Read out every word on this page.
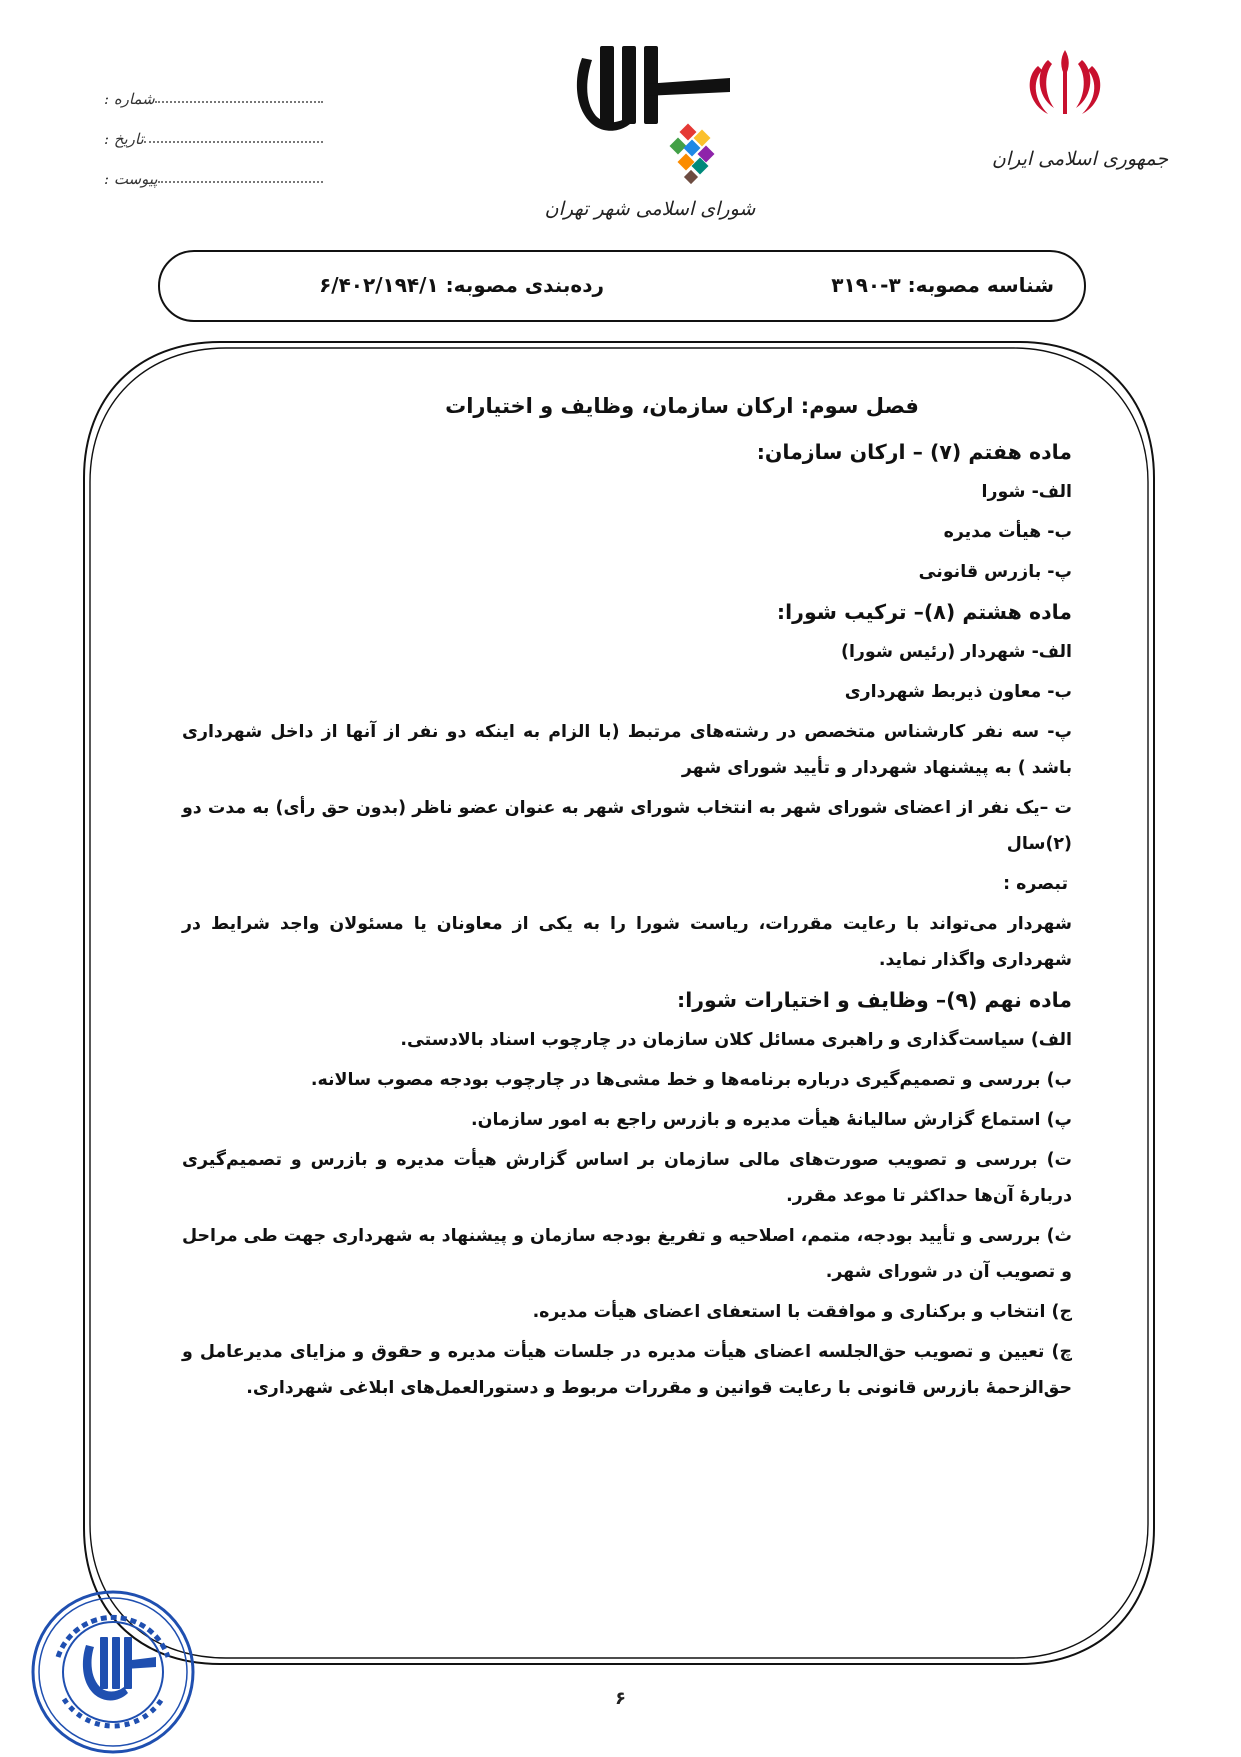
جمهوری اسلامی ایران
شورای اسلامی شهر تهران
شماره :
تاریخ :
پیوست :
شناسه مصوبه: ۳-۳۱۹۰
رده‌بندی مصوبه: ۶/۴۰۲/۱۹۴/۱

فصل سوم: ارکان سازمان، وظایف و اختیارات

ماده هفتم (۷) – ارکان سازمان:

الف- شورا

ب- هیأت مدیره

پ- بازرس قانونی

ماده هشتم (۸)– ترکیب شورا:

الف- شهردار (رئیس شورا)

ب- معاون ذیربط شهرداری

پ- سه نفر کارشناس متخصص در رشته‌های مرتبط (با الزام به اینکه دو نفر از آنها از داخل شهرداری باشد ) به پیشنهاد شهردار و تأیید شورای شهر

ت –یک نفر از اعضای شورای شهر به انتخاب شورای شهر به عنوان عضو ناظر (بدون حق رأی) به مدت دو (۲)سال

تبصره :

شهردار می‌تواند با رعایت مقررات، ریاست شورا را به یکی از معاونان یا مسئولان واجد شرایط در شهرداری واگذار نماید.

ماده نهم (۹)– وظایف و اختیارات شورا:

الف) سیاست‌گذاری و راهبری مسائل کلان سازمان در چارچوب اسناد بالادستی.

ب) بررسی و تصمیم‌گیری درباره برنامه‌ها و خط مشی‌ها در چارچوب بودجه مصوب سالانه.

پ) استماع گزارش سالیانهٔ هیأت مدیره و بازرس راجع به امور سازمان.

ت) بررسی و تصویب صورت‌های مالی سازمان بر اساس گزارش هیأت مدیره و بازرس و تصمیم‌گیری دربارهٔ آن‌ها حداکثر تا موعد مقرر.

ث) بررسی و تأیید بودجه، متمم، اصلاحیه و تفریغ بودجه سازمان و پیشنهاد به شهرداری جهت طی مراحل و تصویب آن در شورای شهر.

ج) انتخاب و برکناری و موافقت با استعفای اعضای هیأت مدیره.

چ) تعیین و تصویب حق‌الجلسه اعضای هیأت مدیره در جلسات هیأت مدیره و حقوق و مزایای مدیرعامل و حق‌الزحمهٔ بازرس قانونی با رعایت قوانین و مقررات مربوط و دستورالعمل‌های ابلاغی شهرداری.

۶
